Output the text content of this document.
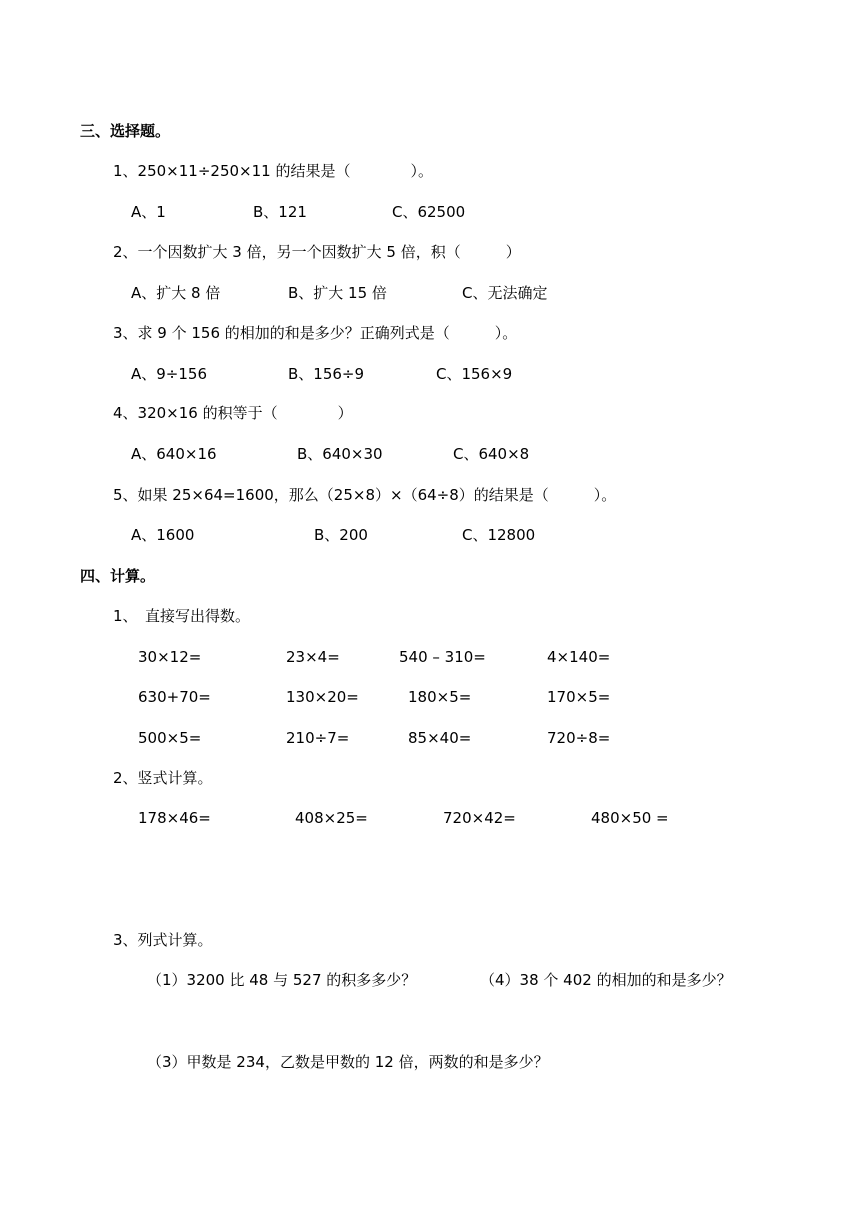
三、选择题。
1、250×11÷250×11 的结果是（　　　　）。
A、1	B、121	C、62500
2、一个因数扩大 3 倍，另一个因数扩大 5 倍，积（　　　）
A、扩大 8 倍	B、扩大 15 倍	C、无法确定
3、求 9 个 156 的相加的和是多少？正确列式是（　　　）。
A、9÷156	B、156÷9	C、156×9
4、320×16 的积等于（　　　　）
A、640×16	B、640×30	C、640×8
5、如果 25×64=1600，那么（25×8）×（64÷8）的结果是（　　　）。
A、1600	B、200	C、12800
四、计算。
1、　直接写出得数。
30×12=	23×4=	540 – 310=	4×140=
630+70=	130×20=	180×5=	170×5=
500×5=	210÷7=	85×40=	720÷8=
2、竖式计算。
178×46=	408×25=	720×42=	480×50 =
3、列式计算。
（1）3200 比 48 与 527 的积多多少？	（4）38 个 402 的相加的和是多少？
（3）甲数是 234，乙数是甲数的 12 倍，两数的和是多少？
